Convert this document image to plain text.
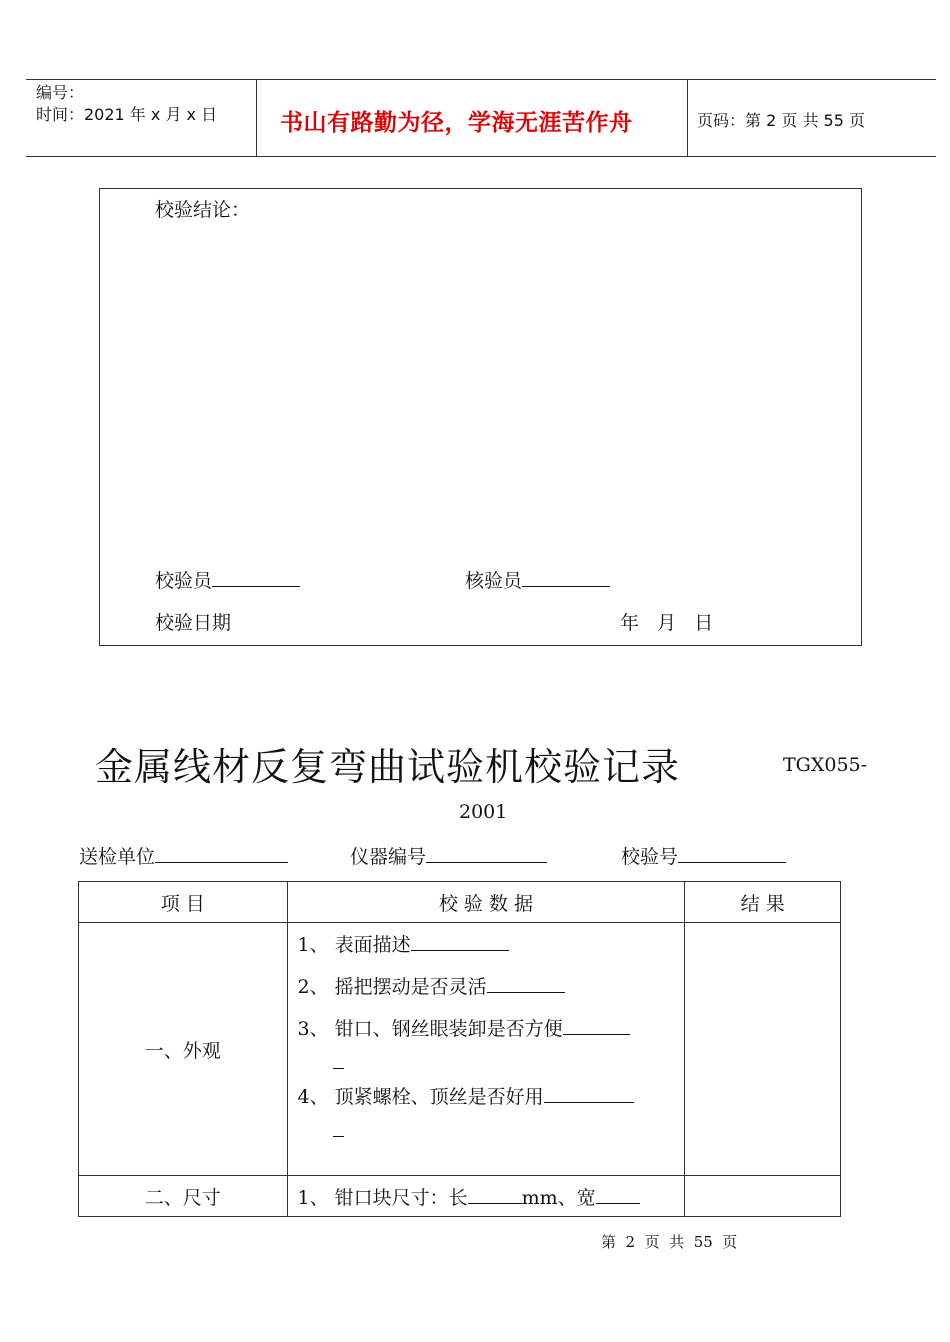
编号：
时间：2021 年 x 月 x 日	书山有路勤为径，学海无涯苦作舟	页码：第 2 页 共 55 页
校验结论：
校验员	核验员
校验日期	年   月   日
金属线材反复弯曲试验机校验记录	TGX055-
2001
送检单位	仪器编号	校验号
项 目	校 验 数 据	结 果
一、外观	1、 表面描述
2、 摇把摆动是否灵活
3、 钳口、钢丝眼装卸是否方便
4、 顶紧螺栓、顶丝是否好用	

二、尺寸	1、 钳口块尺寸：长 mm、宽	
第  2  页  共  55  页
